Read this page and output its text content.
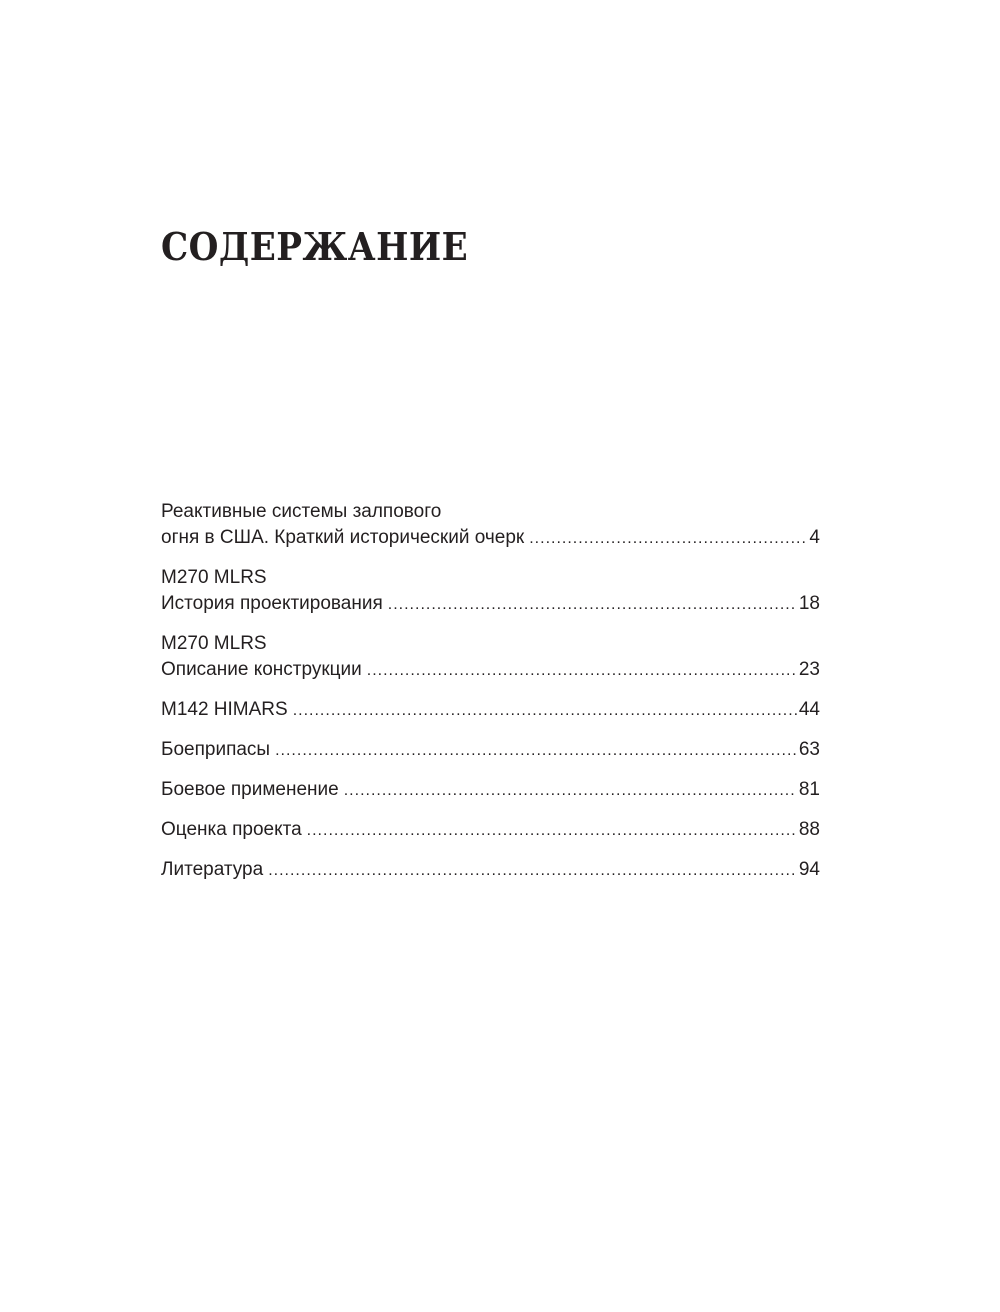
СОДЕРЖАНИЕ
Реактивные системы залпового
огня в США. Краткий исторический очерк .....	4
M270 MLRS
История проектирования .....	18
M270 MLRS
Описание конструкции .....	23
M142 HIMARS .....	44
Боеприпасы .....	63
Боевое применение .....	81
Оценка проекта .....	88
Литература .....	94
